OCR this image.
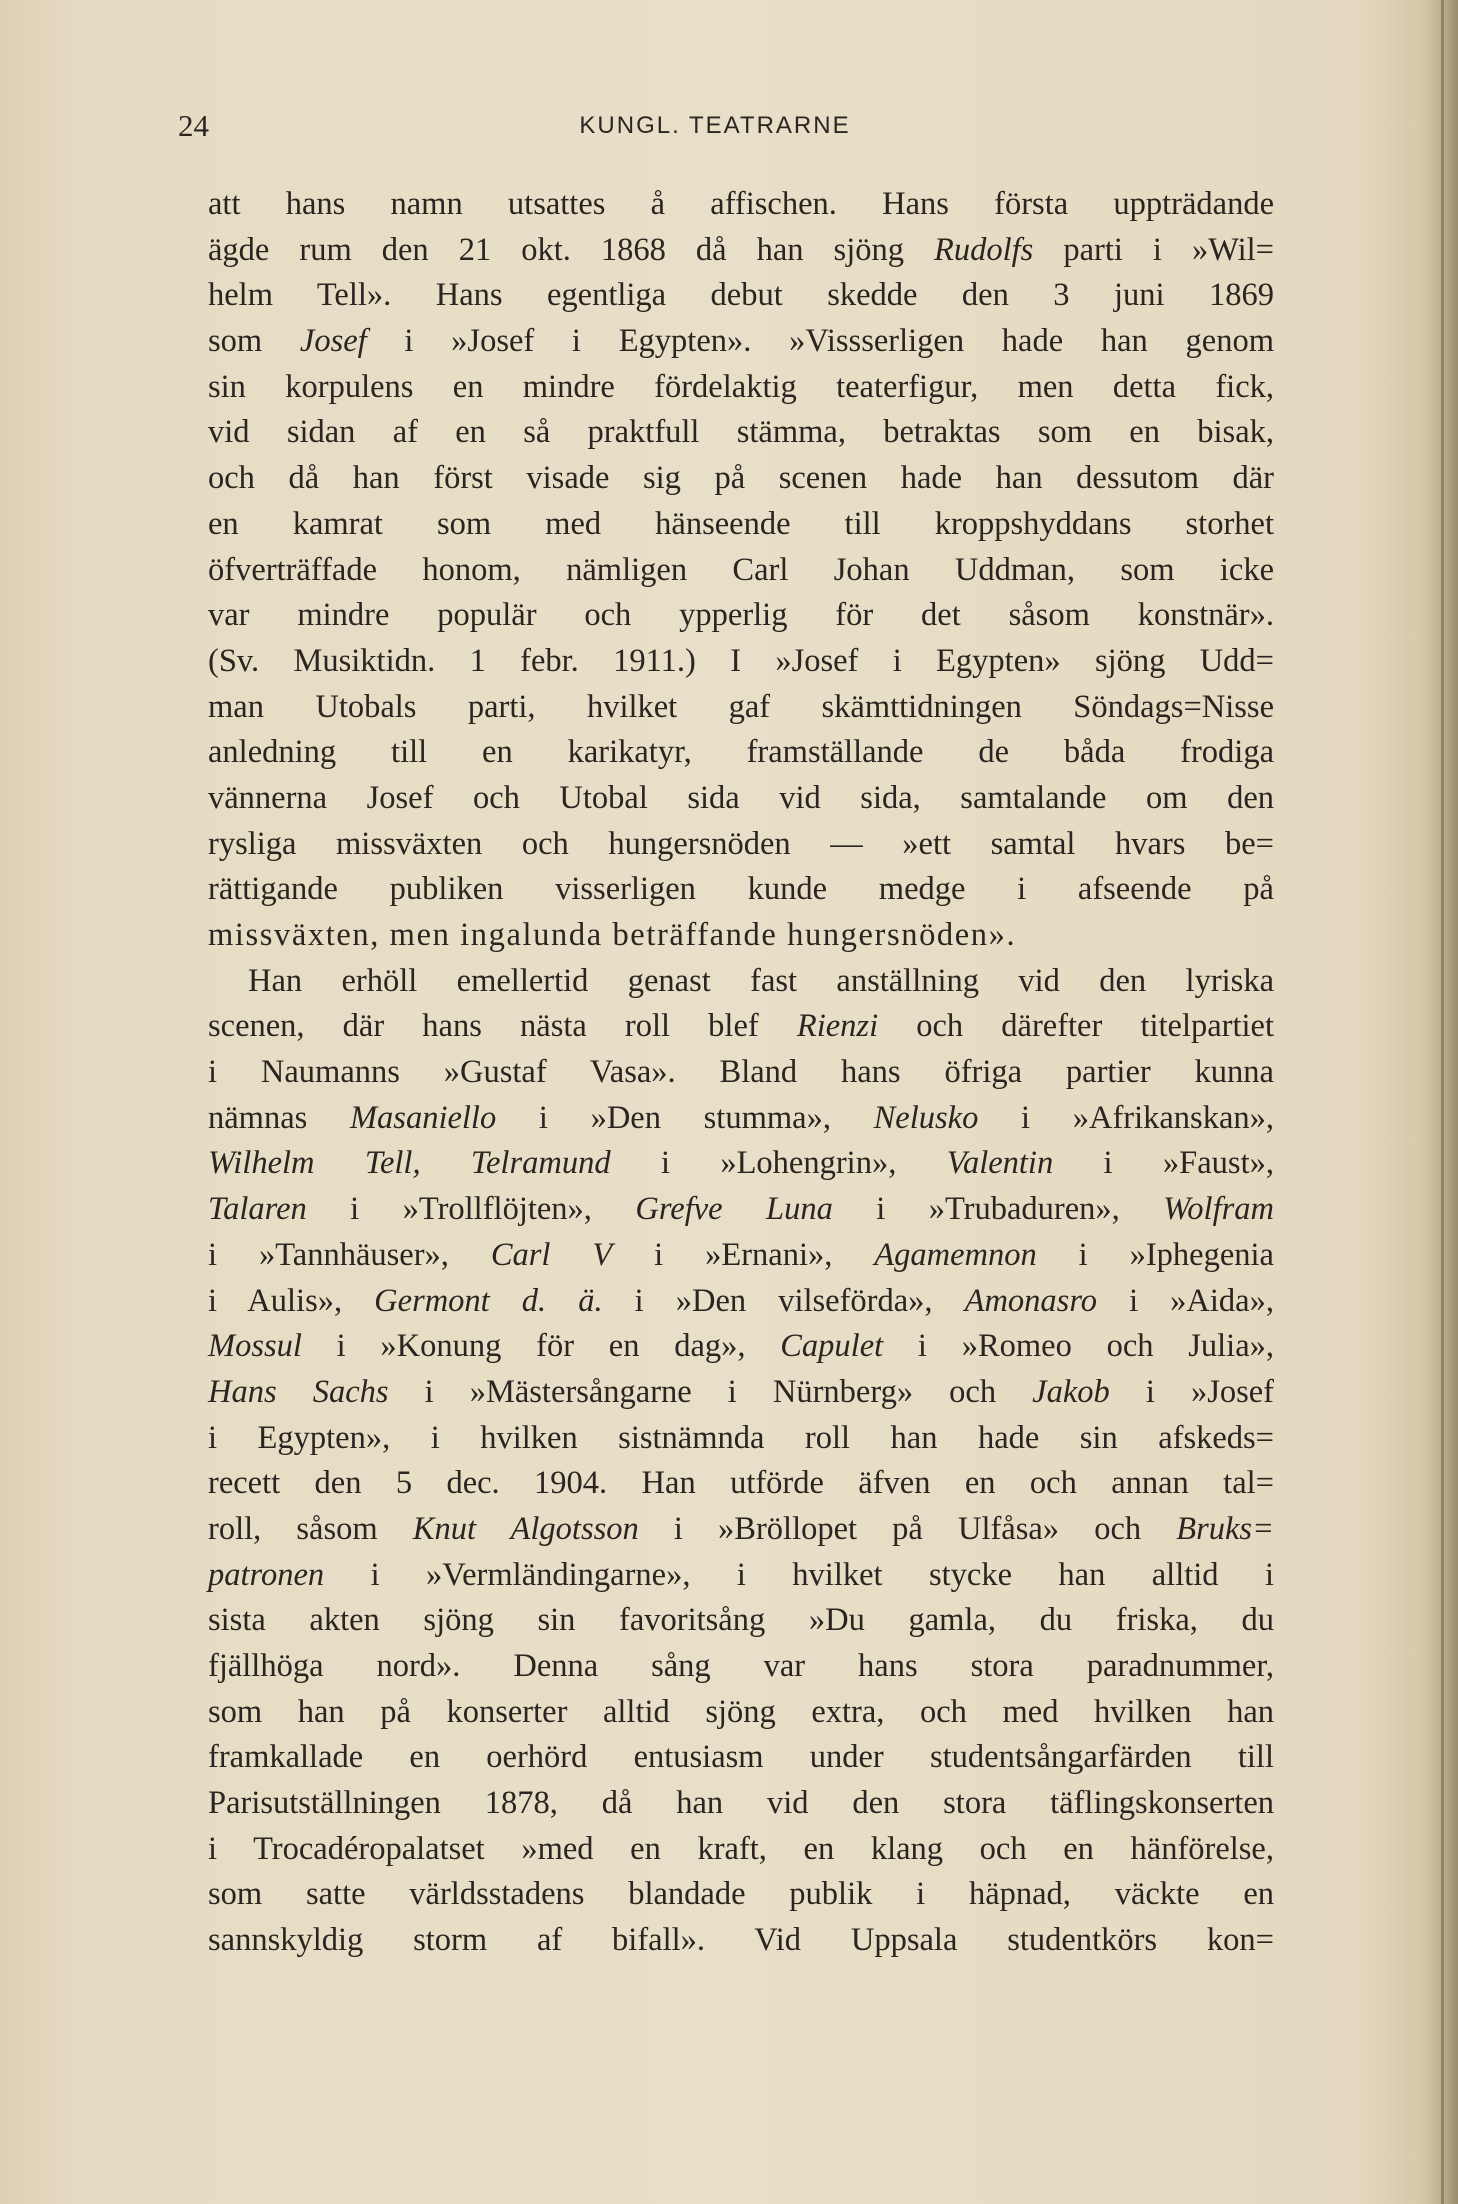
24	KUNGL. TEATRARNE
att hans namn utsattes å affischen. Hans första uppträdande
ägde rum den 21 okt. 1868 då han sjöng Rudolfs parti i »Wil=
helm Tell». Hans egentliga debut skedde den 3 juni 1869
som Josef i »Josef i Egypten». »Vissserligen hade han genom
sin korpulens en mindre fördelaktig teaterfigur, men detta fick,
vid sidan af en så praktfull stämma, betraktas som en bisak,
och då han först visade sig på scenen hade han dessutom där
en kamrat som med hänseende till kroppshyddans storhet
öfverträffade honom, nämligen Carl Johan Uddman, som icke
var mindre populär och ypperlig för det såsom konstnär».
(Sv. Musiktidn. 1 febr. 1911.) I »Josef i Egypten» sjöng Udd=
man Utobals parti, hvilket gaf skämttidningen Söndags=Nisse
anledning till en karikatyr, framställande de båda frodiga
vännerna Josef och Utobal sida vid sida, samtalande om den
rysliga missväxten och hungersnöden — »ett samtal hvars be=
rättigande publiken visserligen kunde medge i afseende på
missväxten, men ingalunda beträffande hungersnöden».
Han erhöll emellertid genast fast anställning vid den lyriska
scenen, där hans nästa roll blef Rienzi och därefter titelpartiet
i Naumanns »Gustaf Vasa». Bland hans öfriga partier kunna
nämnas Masaniello i »Den stumma», Nelusko i »Afrikanskan»,
Wilhelm Tell, Telramund i »Lohengrin», Valentin i »Faust»,
Talaren i »Trollflöjten», Grefve Luna i »Trubaduren», Wolfram
i »Tannhäuser», Carl V i »Ernani», Agamemnon i »Iphegenia
i Aulis», Germont d. ä. i »Den vilseförda», Amonasro i »Aida»,
Mossul i »Konung för en dag», Capulet i »Romeo och Julia»,
Hans Sachs i »Mästersångarne i Nürnberg» och Jakob i »Josef
i Egypten», i hvilken sistnämnda roll han hade sin afskeds=
recett den 5 dec. 1904. Han utförde äfven en och annan tal=
roll, såsom Knut Algotsson i »Bröllopet på Ulfåsa» och Bruks=
patronen i »Vermländingarne», i hvilket stycke han alltid i
sista akten sjöng sin favoritsång »Du gamla, du friska, du
fjällhöga nord». Denna sång var hans stora paradnummer,
som han på konserter alltid sjöng extra, och med hvilken han
framkallade en oerhörd entusiasm under studentsångarfärden till
Parisutställningen 1878, då han vid den stora täflingskonserten
i Trocadéropalatset »med en kraft, en klang och en hänförelse,
som satte världsstadens blandade publik i häpnad, väckte en
sannskyldig storm af bifall». Vid Uppsala studentkörs kon=
